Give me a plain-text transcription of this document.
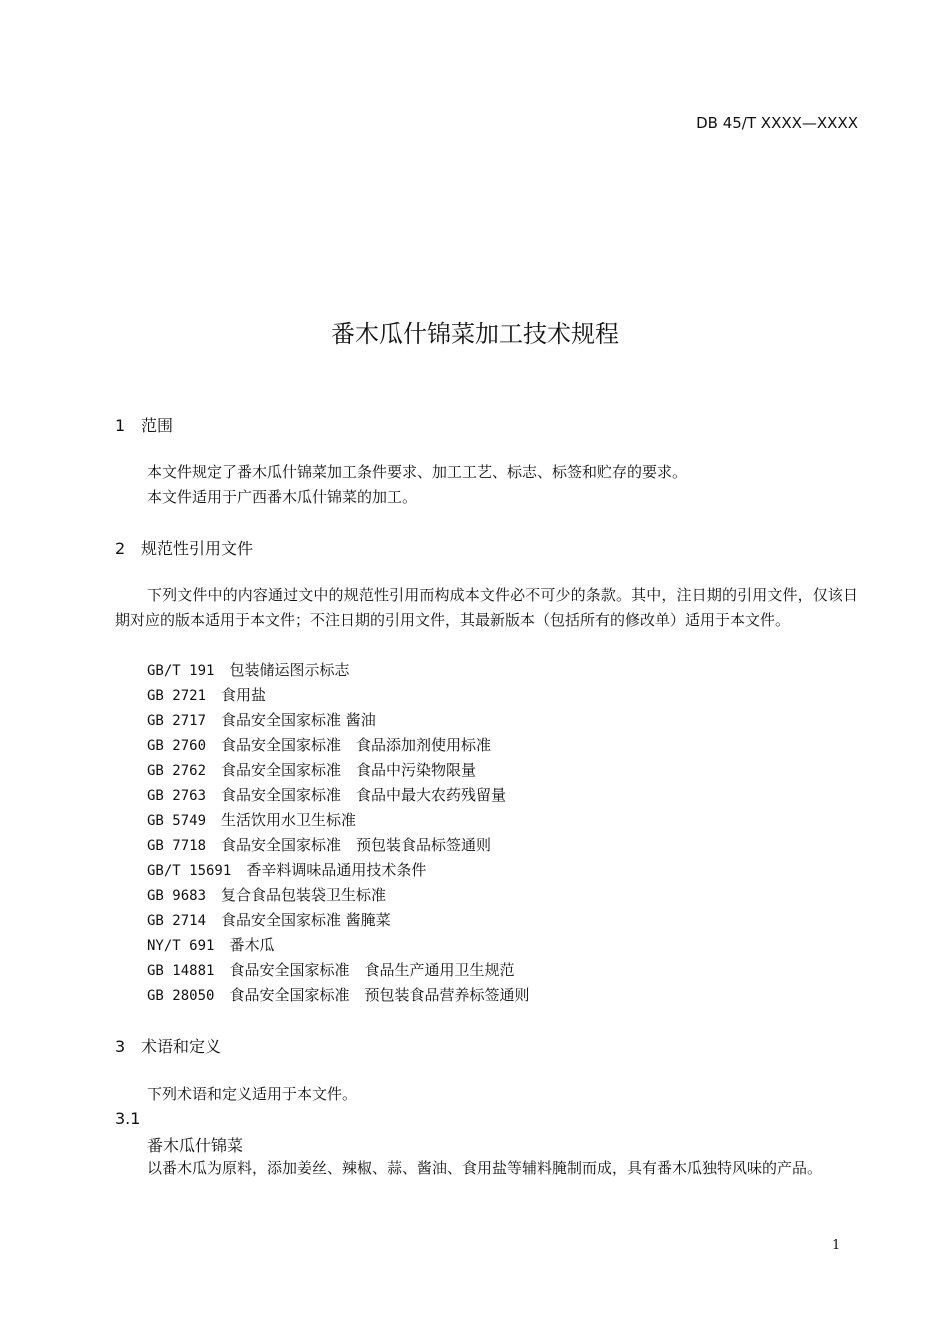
DB 45/T XXXX—XXXX
番木瓜什锦菜加工技术规程
1 范围
本文件规定了番木瓜什锦菜加工条件要求、加工工艺、标志、标签和贮存的要求。
本文件适用于广西番木瓜什锦菜的加工。
2 规范性引用文件
下列文件中的内容通过文中的规范性引用而构成本文件必不可少的条款。其中，注日期的引用文件，仅该日期对应的版本适用于本文件；不注日期的引用文件，其最新版本（包括所有的修改单）适用于本文件。
GB/T 191　 包装储运图示标志
GB 2721　 食用盐
GB 2717　 食品安全国家标准 酱油
GB 2760　 食品安全国家标准　食品添加剂使用标准
GB 2762　 食品安全国家标准　食品中污染物限量
GB 2763　 食品安全国家标准　食品中最大农药残留量
GB 5749　 生活饮用水卫生标准
GB 7718　 食品安全国家标准　预包装食品标签通则
GB/T 15691　 香辛料调味品通用技术条件
GB 9683　 复合食品包装袋卫生标准
GB 2714　 食品安全国家标准 酱腌菜
NY/T 691　 番木瓜
GB 14881　 食品安全国家标准　食品生产通用卫生规范
GB 28050　 食品安全国家标准　预包装食品营养标签通则
3 术语和定义
下列术语和定义适用于本文件。
3.1
番木瓜什锦菜
以番木瓜为原料，添加姜丝、辣椒、蒜、酱油、食用盐等辅料腌制而成，具有番木瓜独特风味的产品。
1
